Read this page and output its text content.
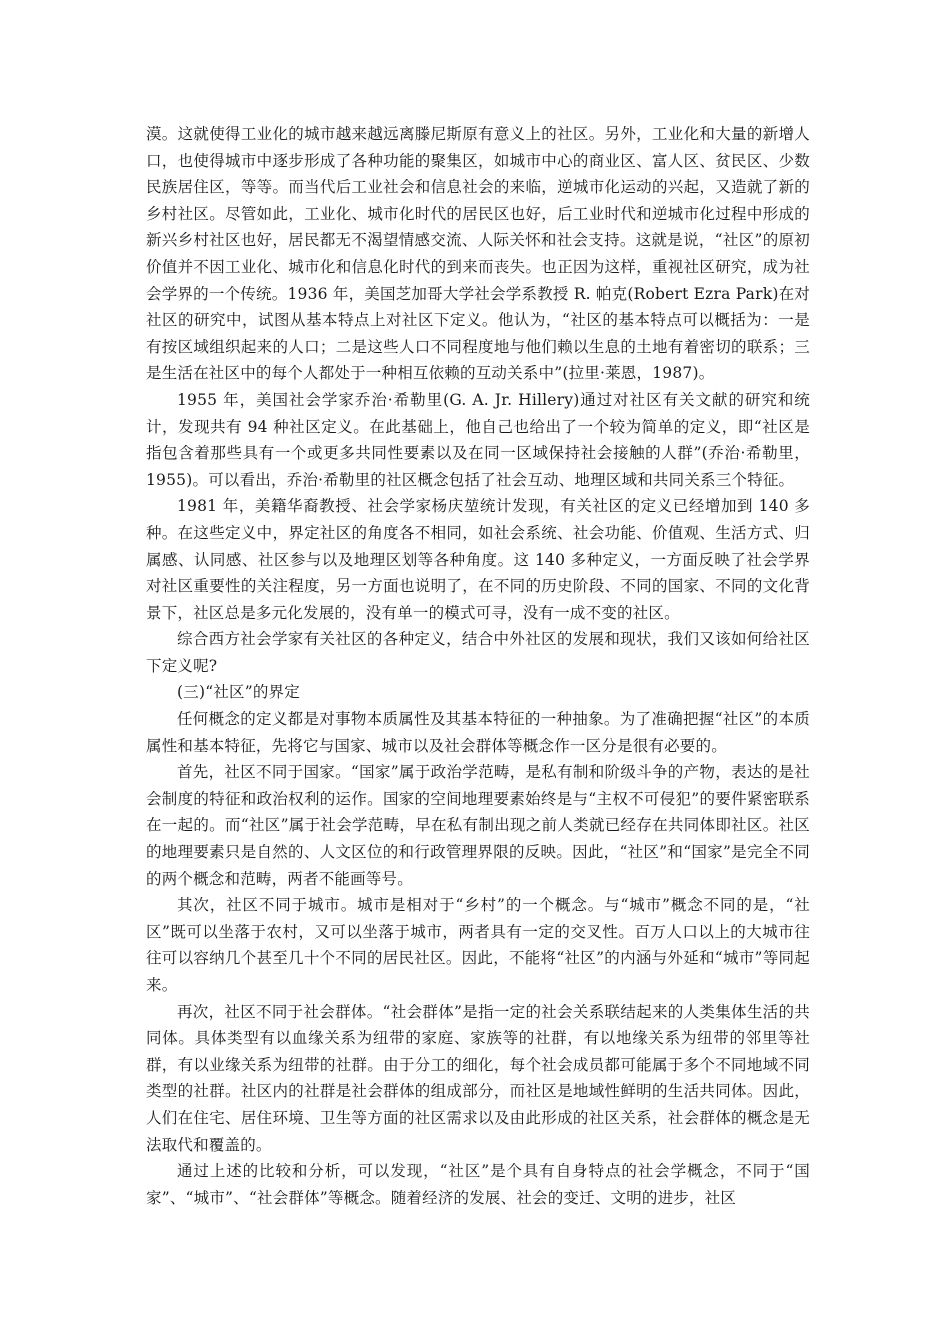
漠。这就使得工业化的城市越来越远离滕尼斯原有意义上的社区。另外，工业化和大量的新增人口，也使得城市中逐步形成了各种功能的聚集区，如城市中心的商业区、富人区、贫民区、少数民族居住区，等等。而当代后工业社会和信息社会的来临，逆城市化运动的兴起，又造就了新的乡村社区。尽管如此，工业化、城市化时代的居民区也好，后工业时代和逆城市化过程中形成的新兴乡村社区也好，居民都无不渴望情感交流、人际关怀和社会支持。这就是说，“社区”的原初价值并不因工业化、城市化和信息化时代的到来而丧失。也正因为这样，重视社区研究，成为社会学界的一个传统。1936 年，美国芝加哥大学社会学系教授 R. 帕克(Robert Ezra Park)在对社区的研究中，试图从基本特点上对社区下定义。他认为，“社区的基本特点可以概括为：一是有按区域组织起来的人口；二是这些人口不同程度地与他们赖以生息的土地有着密切的联系；三是生活在社区中的每个人都处于一种相互依赖的互动关系中”(拉里·莱恩，1987)。

1955 年，美国社会学家乔治·希勒里(G. A. Jr. Hillery)通过对社区有关文献的研究和统计，发现共有 94 种社区定义。在此基础上，他自己也给出了一个较为简单的定义，即“社区是指包含着那些具有一个或更多共同性要素以及在同一区域保持社会接触的人群”(乔治·希勒里，1955)。可以看出，乔治·希勒里的社区概念包括了社会互动、地理区域和共同关系三个特征。

1981 年，美籍华裔教授、社会学家杨庆堃统计发现，有关社区的定义已经增加到 140 多种。在这些定义中，界定社区的角度各不相同，如社会系统、社会功能、价值观、生活方式、归属感、认同感、社区参与以及地理区划等各种角度。这 140 多种定义，一方面反映了社会学界对社区重要性的关注程度，另一方面也说明了，在不同的历史阶段、不同的国家、不同的文化背景下，社区总是多元化发展的，没有单一的模式可寻，没有一成不变的社区。

综合西方社会学家有关社区的各种定义，结合中外社区的发展和现状，我们又该如何给社区下定义呢?

(三)“社区”的界定

任何概念的定义都是对事物本质属性及其基本特征的一种抽象。为了准确把握“社区”的本质属性和基本特征，先将它与国家、城市以及社会群体等概念作一区分是很有必要的。

首先，社区不同于国家。“国家”属于政治学范畴，是私有制和阶级斗争的产物，表达的是社会制度的特征和政治权利的运作。国家的空间地理要素始终是与“主权不可侵犯”的要件紧密联系在一起的。而“社区”属于社会学范畴，早在私有制出现之前人类就已经存在共同体即社区。社区的地理要素只是自然的、人文区位的和行政管理界限的反映。因此，“社区”和“国家”是完全不同的两个概念和范畴，两者不能画等号。

其次，社区不同于城市。城市是相对于“乡村”的一个概念。与“城市”概念不同的是，“社区”既可以坐落于农村，又可以坐落于城市，两者具有一定的交叉性。百万人口以上的大城市往往可以容纳几个甚至几十个不同的居民社区。因此，不能将“社区”的内涵与外延和“城市”等同起来。

再次，社区不同于社会群体。“社会群体”是指一定的社会关系联结起来的人类集体生活的共同体。具体类型有以血缘关系为纽带的家庭、家族等的社群，有以地缘关系为纽带的邻里等社群，有以业缘关系为纽带的社群。由于分工的细化，每个社会成员都可能属于多个不同地域不同类型的社群。社区内的社群是社会群体的组成部分，而社区是地域性鲜明的生活共同体。因此，人们在住宅、居住环境、卫生等方面的社区需求以及由此形成的社区关系，社会群体的概念是无法取代和覆盖的。

通过上述的比较和分析，可以发现，“社区”是个具有自身特点的社会学概念，不同于“国家”、“城市”、“社会群体”等概念。随着经济的发展、社会的变迁、文明的进步，社区
